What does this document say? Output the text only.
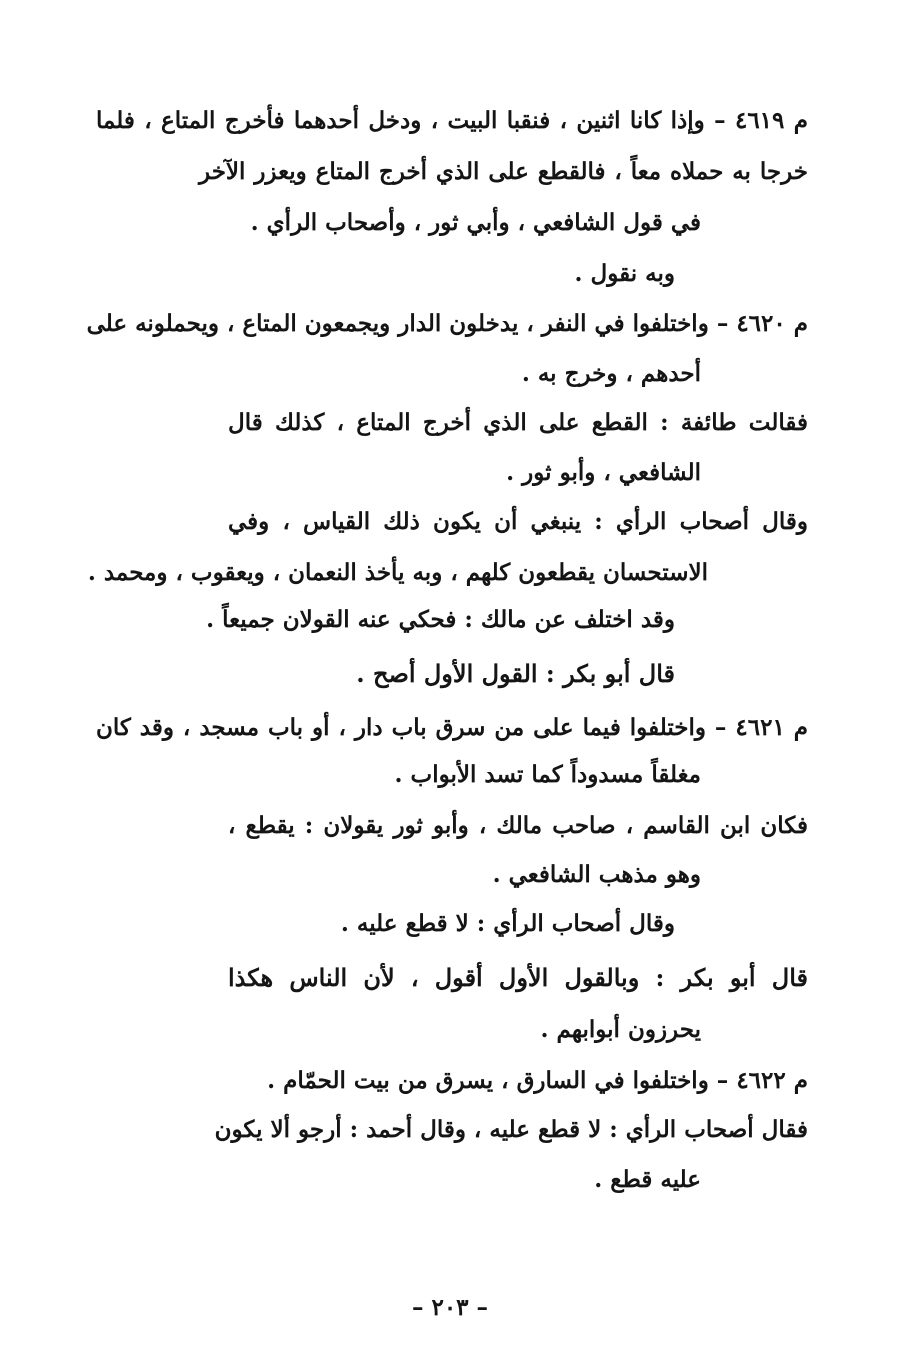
م ٤٦١٩ – وإذا كانا اثنين ، فنقبا البيت ، ودخل أحدهما فأخرج المتاع ، فلما
خرجا به حملاه معاً ، فالقطع على الذي أخرج المتاع ويعزر الآخر
في قول الشافعي ، وأبي ثور ، وأصحاب الرأي .
وبه نقول .
م ٤٦٢٠ – واختلفوا في النفر ، يدخلون الدار ويجمعون المتاع ، ويحملونه على
أحدهم ، وخرج به .
فقالت طائفة : القطع على الذي أخرج المتاع ، كذلك قال
الشافعي ، وأبو ثور .
وقال أصحاب الرأي : ينبغي أن يكون ذلك القياس ، وفي
الاستحسان يقطعون كلهم ، وبه يأخذ النعمان ، ويعقوب ، ومحمد .
وقد اختلف عن مالك : فحكي عنه القولان جميعاً .
قال أبو بكر : القول الأول أصح .
م ٤٦٢١ – واختلفوا فيما على من سرق باب دار ، أو باب مسجد ، وقد كان
مغلقاً مسدوداً كما تسد الأبواب .
فكان ابن القاسم ، صاحب مالك ، وأبو ثور يقولان : يقطع ،
وهو مذهب الشافعي .
وقال أصحاب الرأي : لا قطع عليه .
قال أبو بكر : وبالقول الأول أقول ، لأن الناس هكذا
يحرزون أبوابهم .
م ٤٦٢٢ – واختلفوا في السارق ، يسرق من بيت الحمّام .
فقال أصحاب الرأي : لا قطع عليه ، وقال أحمد : أرجو ألا يكون
عليه قطع .
– ٢٠٣ –
